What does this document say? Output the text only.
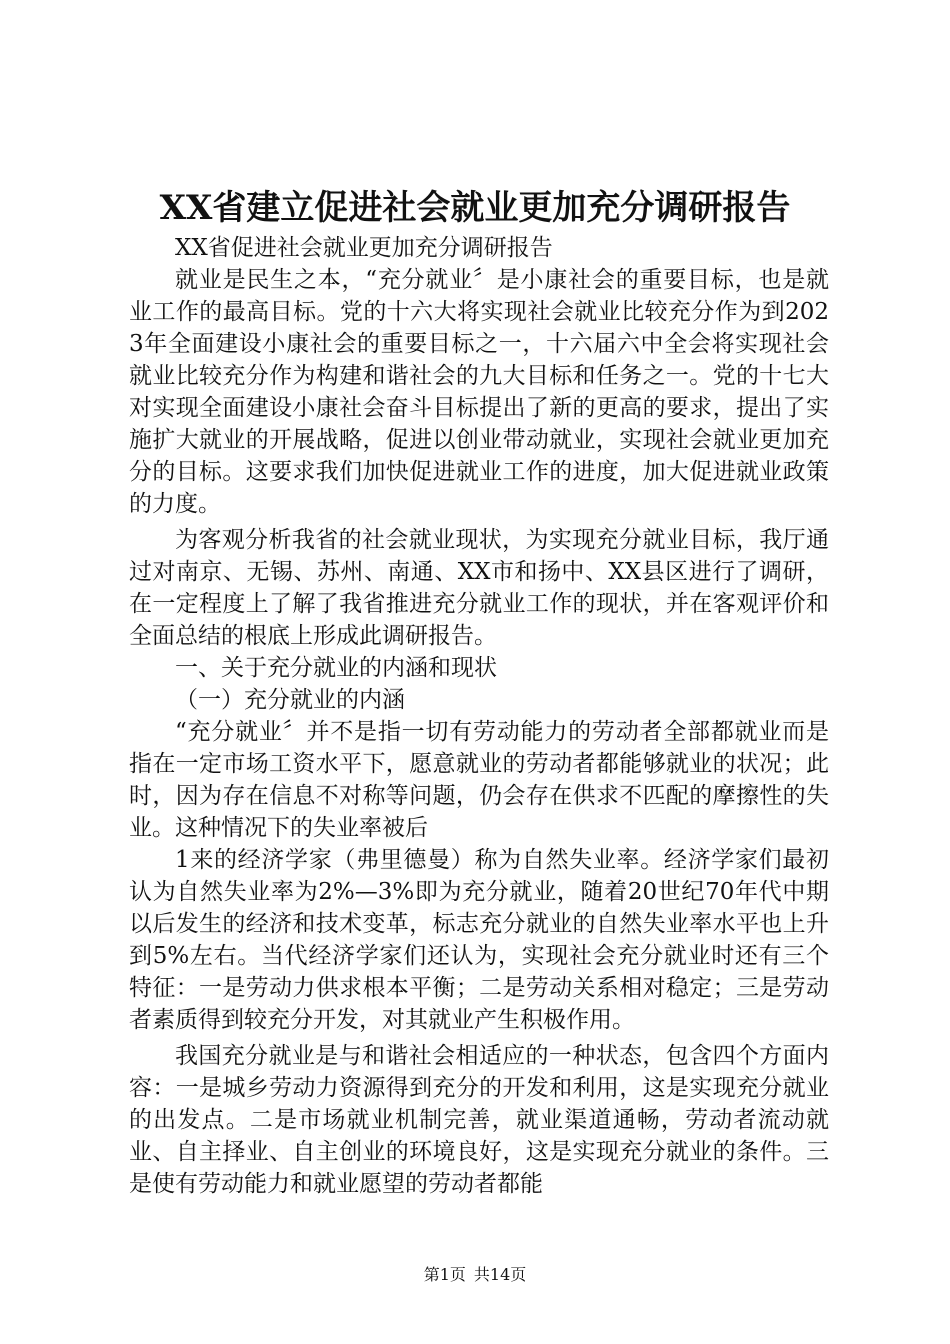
XX省建立促进社会就业更加充分调研报告

XX省促进社会就业更加充分调研报告

就业是民生之本，“充分就业〞是小康社会的重要目标，也是就业工作的最高目标。党的十六大将实现社会就业比较充分作为到2023年全面建设小康社会的重要目标之一，十六届六中全会将实现社会就业比较充分作为构建和谐社会的九大目标和任务之一。党的十七大对实现全面建设小康社会奋斗目标提出了新的更高的要求，提出了实施扩大就业的开展战略，促进以创业带动就业，实现社会就业更加充分的目标。这要求我们加快促进就业工作的进度，加大促进就业政策的力度。

为客观分析我省的社会就业现状，为实现充分就业目标，我厅通过对南京、无锡、苏州、南通、XX市和扬中、XX县区进行了调研，在一定程度上了解了我省推进充分就业工作的现状，并在客观评价和全面总结的根底上形成此调研报告。

一、关于充分就业的内涵和现状

（一）充分就业的内涵

“充分就业〞并不是指一切有劳动能力的劳动者全部都就业而是指在一定市场工资水平下，愿意就业的劳动者都能够就业的状况；此时，因为存在信息不对称等问题，仍会存在供求不匹配的摩擦性的失业。这种情况下的失业率被后

1来的经济学家（弗里德曼）称为自然失业率。经济学家们最初认为自然失业率为2%—3%即为充分就业，随着20世纪70年代中期以后发生的经济和技术变革，标志充分就业的自然失业率水平也上升到5%左右。当代经济学家们还认为，实现社会充分就业时还有三个特征：一是劳动力供求根本平衡；二是劳动关系相对稳定；三是劳动者素质得到较充分开发，对其就业产生积极作用。

我国充分就业是与和谐社会相适应的一种状态，包含四个方面内容：一是城乡劳动力资源得到充分的开发和利用，这是实现充分就业的出发点。二是市场就业机制完善，就业渠道通畅，劳动者流动就业、自主择业、自主创业的环境良好，这是实现充分就业的条件。三是使有劳动能力和就业愿望的劳动者都能

第1页 共14页
